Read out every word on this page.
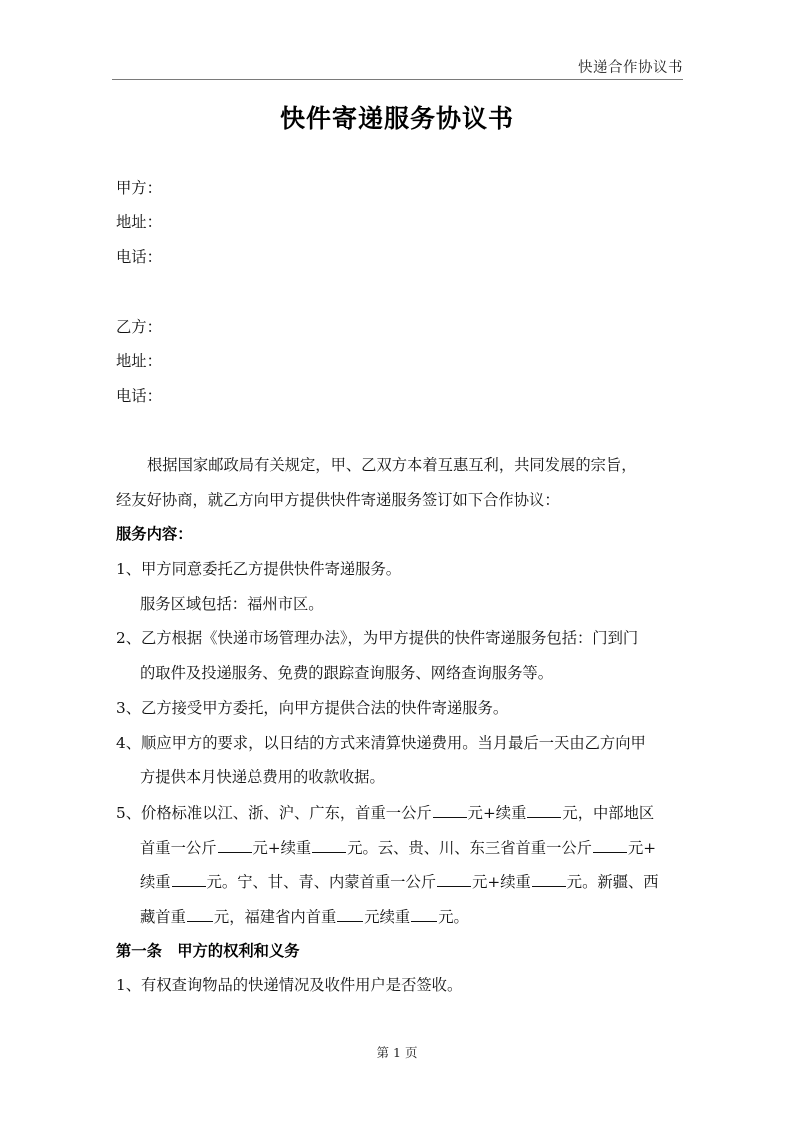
快递合作协议书
快件寄递服务协议书
甲方：
地址：
电话：
乙方：
地址：
电话：
根据国家邮政局有关规定，甲、乙双方本着互惠互利，共同发展的宗旨，
经友好协商，就乙方向甲方提供快件寄递服务签订如下合作协议：
服务内容：
1、甲方同意委托乙方提供快件寄递服务。
服务区域包括：福州市区。
2、乙方根据《快递市场管理办法》，为甲方提供的快件寄递服务包括：门到门
的取件及投递服务、免费的跟踪查询服务、网络查询服务等。
3、乙方接受甲方委托，向甲方提供合法的快件寄递服务。
4、顺应甲方的要求，以日结的方式来清算快递费用。当月最后一天由乙方向甲
方提供本月快递总费用的收款收据。
5、价格标准以江、浙、沪、广东，首重一公斤 元+续重 元，中部地区
首重一公斤 元+续重 元。云、贵、川、东三省首重一公斤 元+
续重 元。宁、甘、青、内蒙首重一公斤 元+续重 元。新疆、西
藏首重 元，福建省内首重 元续重 元。
第一条　甲方的权利和义务
1、有权查询物品的快递情况及收件用户是否签收。
第 1 页
